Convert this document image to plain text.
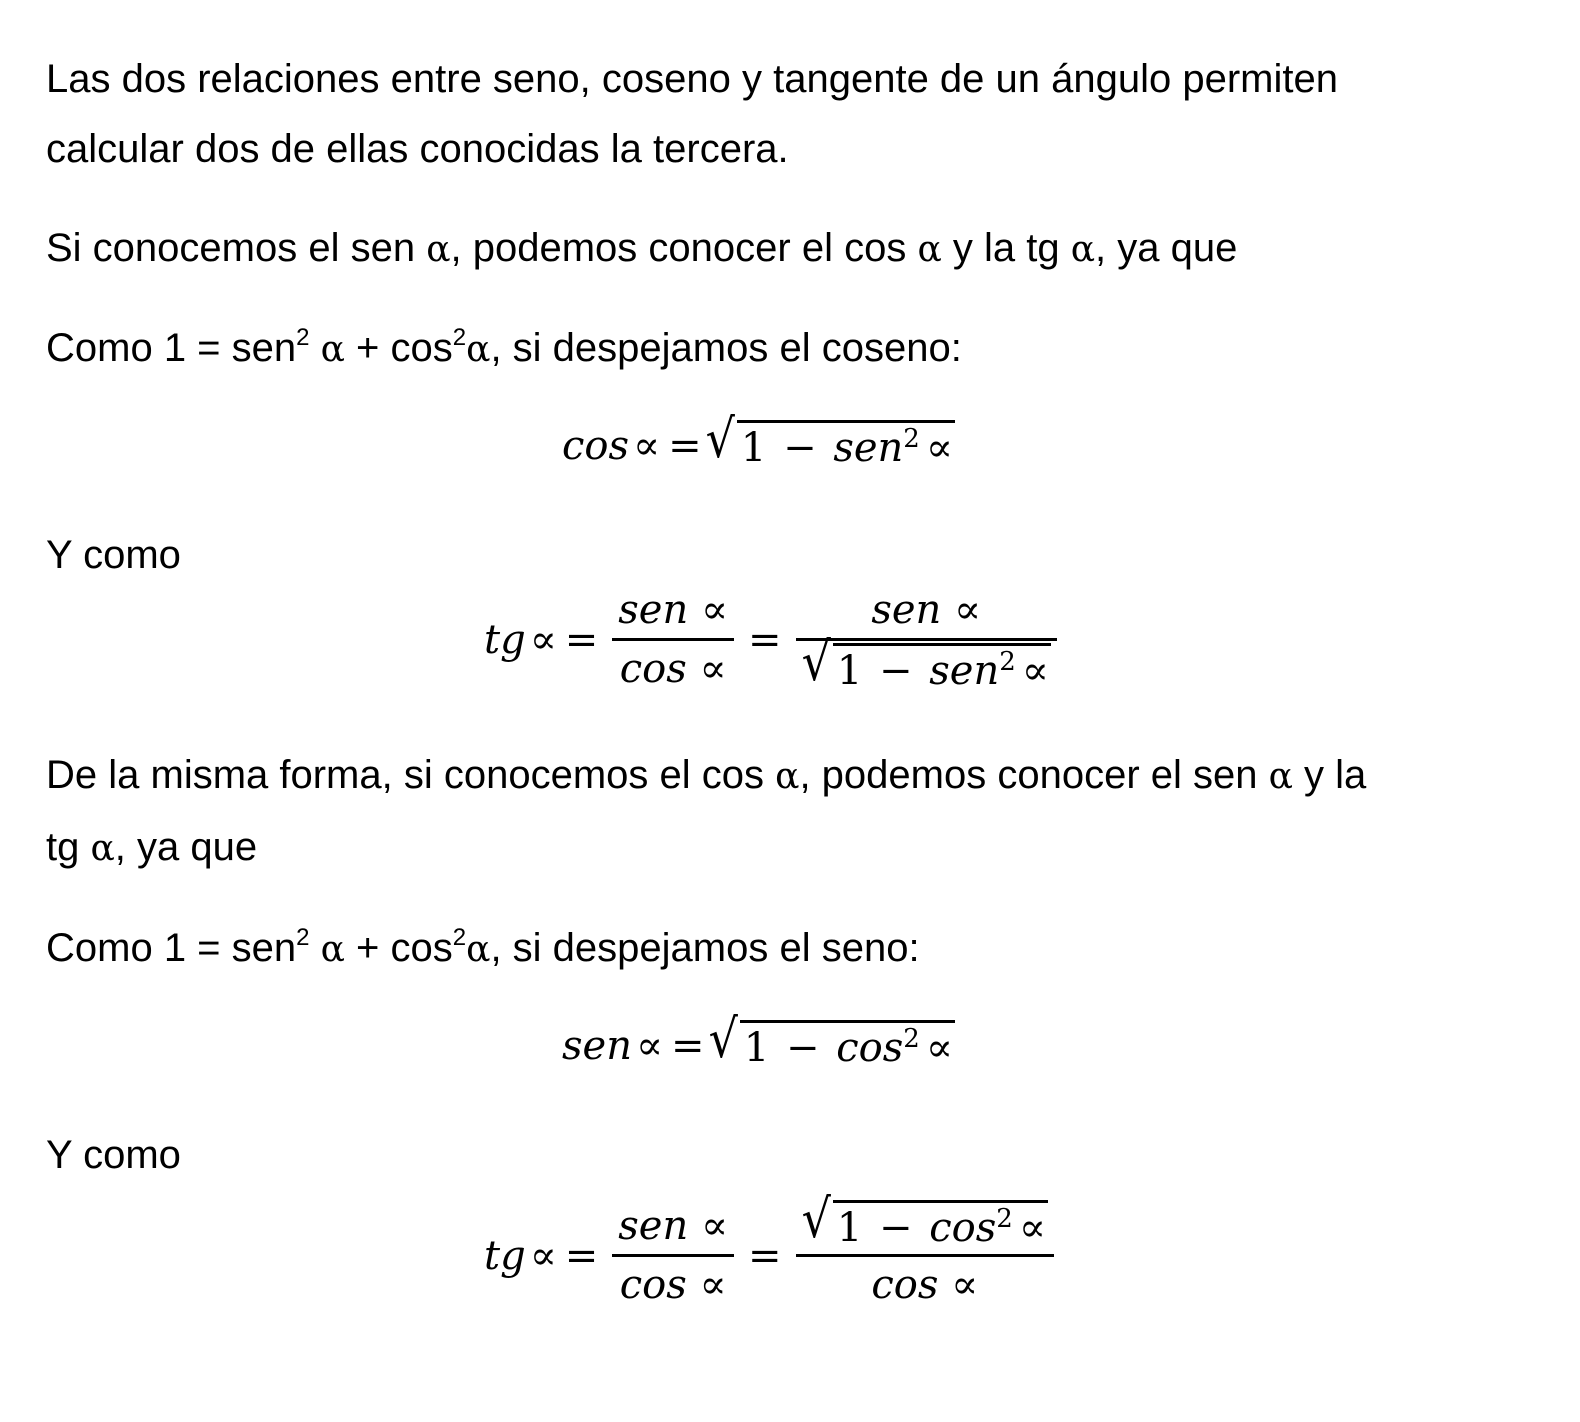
Las dos relaciones entre seno, coseno y tangente de un ángulo permiten
calcular dos de ellas conocidas la tercera.

Si conocemos el sen α, podemos conocer el cos α y la tg α, ya que

Como 1 = sen$^2$ $\alpha + \cos^2\alpha$, si despejamos el coseno:

cos ∝ = √ 1 − sen$^2$ ∝

Y como

tg ∝ = $\frac{\text{sen ∝}}{\cos \propto} = \frac{\text{sen ∝}}{√ 1 - sen^2 \propto}$

De la misma forma, si conocemos el cos α, podemos conocer el sen α y la
tg α, ya que

Como 1 = sen$^2$ $\alpha + \cos^2\alpha$, si despejamos el seno:

sen ∝ = √ $1 - \cos^2$ ∝

Y como

tg ∝ = $\frac{\text{sen ∝}}{\cos \propto} = \frac{√ 1 - \cos^2 \propto}{\cos \propto}$
